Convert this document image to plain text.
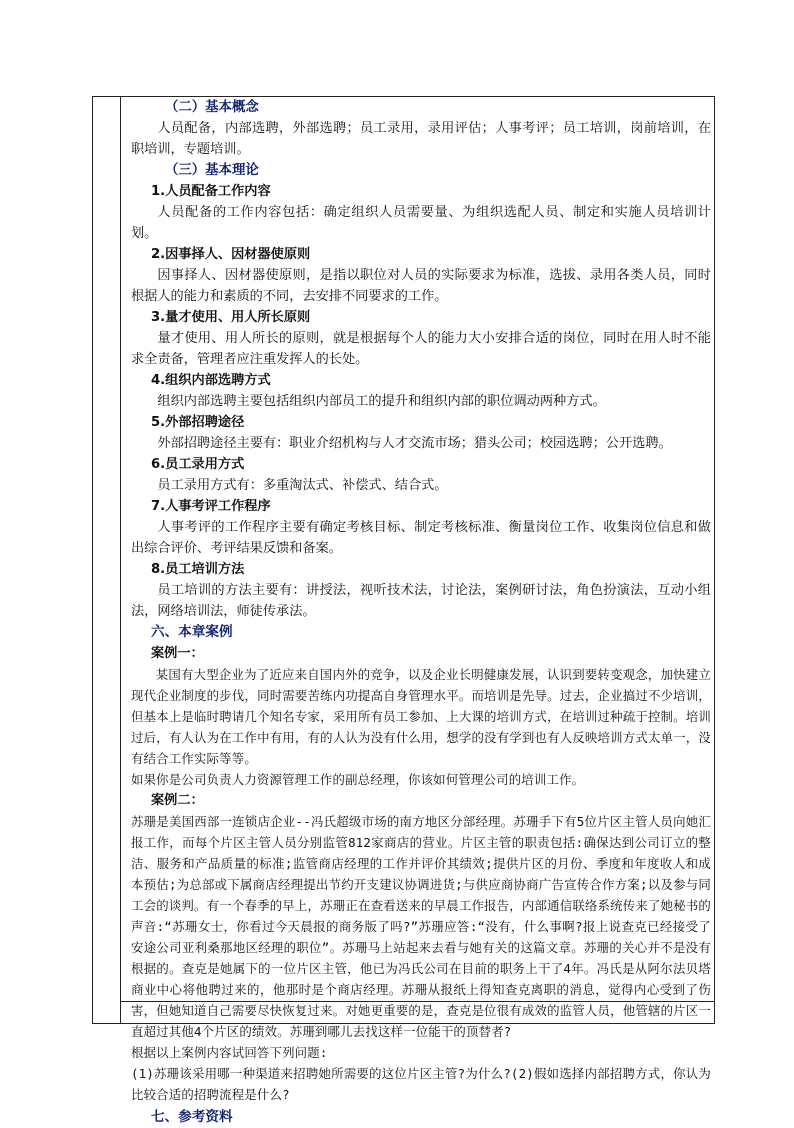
（二）基本概念

人员配备，内部选聘，外部选聘；员工录用，录用评估；人事考评；员工培训，岗前培训，在职培训，专题培训。

（三）基本理论

1.人员配备工作内容

人员配备的工作内容包括：确定组织人员需要量、为组织选配人员、制定和实施人员培训计划。

2.因事择人、因材器使原则

因事择人、因材器使原则，是指以职位对人员的实际要求为标准，选拔、录用各类人员，同时根据人的能力和素质的不同，去安排不同要求的工作。

3.量才使用、用人所长原则

量才使用、用人所长的原则，就是根据每个人的能力大小安排合适的岗位，同时在用人时不能求全责备，管理者应注重发挥人的长处。

4.组织内部选聘方式

组织内部选聘主要包括组织内部员工的提升和组织内部的职位调动两种方式。

5.外部招聘途径

外部招聘途径主要有：职业介绍机构与人才交流市场；猎头公司；校园选聘；公开选聘。

6.员工录用方式

员工录用方式有：多重淘汰式、补偿式、结合式。

7.人事考评工作程序

人事考评的工作程序主要有确定考核目标、制定考核标准、衡量岗位工作、收集岗位信息和做出综合评价、考评结果反馈和备案。

8.员工培训方法

员工培训的方法主要有：讲授法，视听技术法，讨论法，案例研讨法，角色扮演法，互动小组法，网络培训法，师徒传承法。

六、本章案例

案例一：

某国有大型企业为了近应来自国内外的竞争，以及企业长明健康发展，认识到要转变观念，加快建立现代企业制度的步伐，同时需要苦练内功提高自身管理水平。而培训是先导。过去，企业搞过不少培训，但基本上是临时聘请几个知名专家，采用所有员工参加、上大课的培训方式，在培训过种疏于控制。培训过后，有人认为在工作中有用，有的人认为没有什么用，想学的没有学到也有人反映培训方式太单一，没有结合工作实际等等。

如果你是公司负责人力资源管理工作的副总经理，你该如何管理公司的培训工作。

案例二：

苏珊是美国西部一连锁店企业--冯氏超级市场的南方地区分部经理。苏珊手下有5位片区主管人员向她汇报工作，而每个片区主管人员分别监管812家商店的营业。片区主管的职责包括:确保达到公司订立的整洁、服务和产品质量的标准;监管商店经理的工作并评价其绩效;提供片区的月份、季度和年度收人和成本预估;为总部或下属商店经理提出节约开支建议协调进货;与供应商协商广告宣传合作方案;以及参与同工会的谈判。有一个春季的早上，苏珊正在查看送来的早晨工作报告，内部通信联络系统传来了她秘书的声音:“苏珊女士，你看过今天晨报的商务版了吗?”苏珊应答:“没有，什么事啊?报上说查克已经接受了安途公司亚利桑那地区经理的职位”。苏珊马上站起来去看与她有关的这篇文章。苏珊的关心并不是没有根据的。查克是她属下的一位片区主管，他已为冯氏公司在目前的职务上干了4年。冯氏是从阿尔法贝塔商业中心将他聘过来的，他那时是个商店经理。苏珊从报纸上得知查克离职的消息，觉得内心受到了伤害，但她知道自己需要尽快恢复过来。对她更重要的是，查克是位很有成效的监管人员，他管辖的片区一直超过其他4个片区的绩效。苏珊到哪儿去找这样一位能干的顶替者?

根据以上案例内容试回答下列问题:

(1)苏珊该采用哪一种渠道来招聘她所需要的这位片区主管?为什么?(2)假如选择内部招聘方式，你认为比较合适的招聘流程是什么?

七、参考资料
